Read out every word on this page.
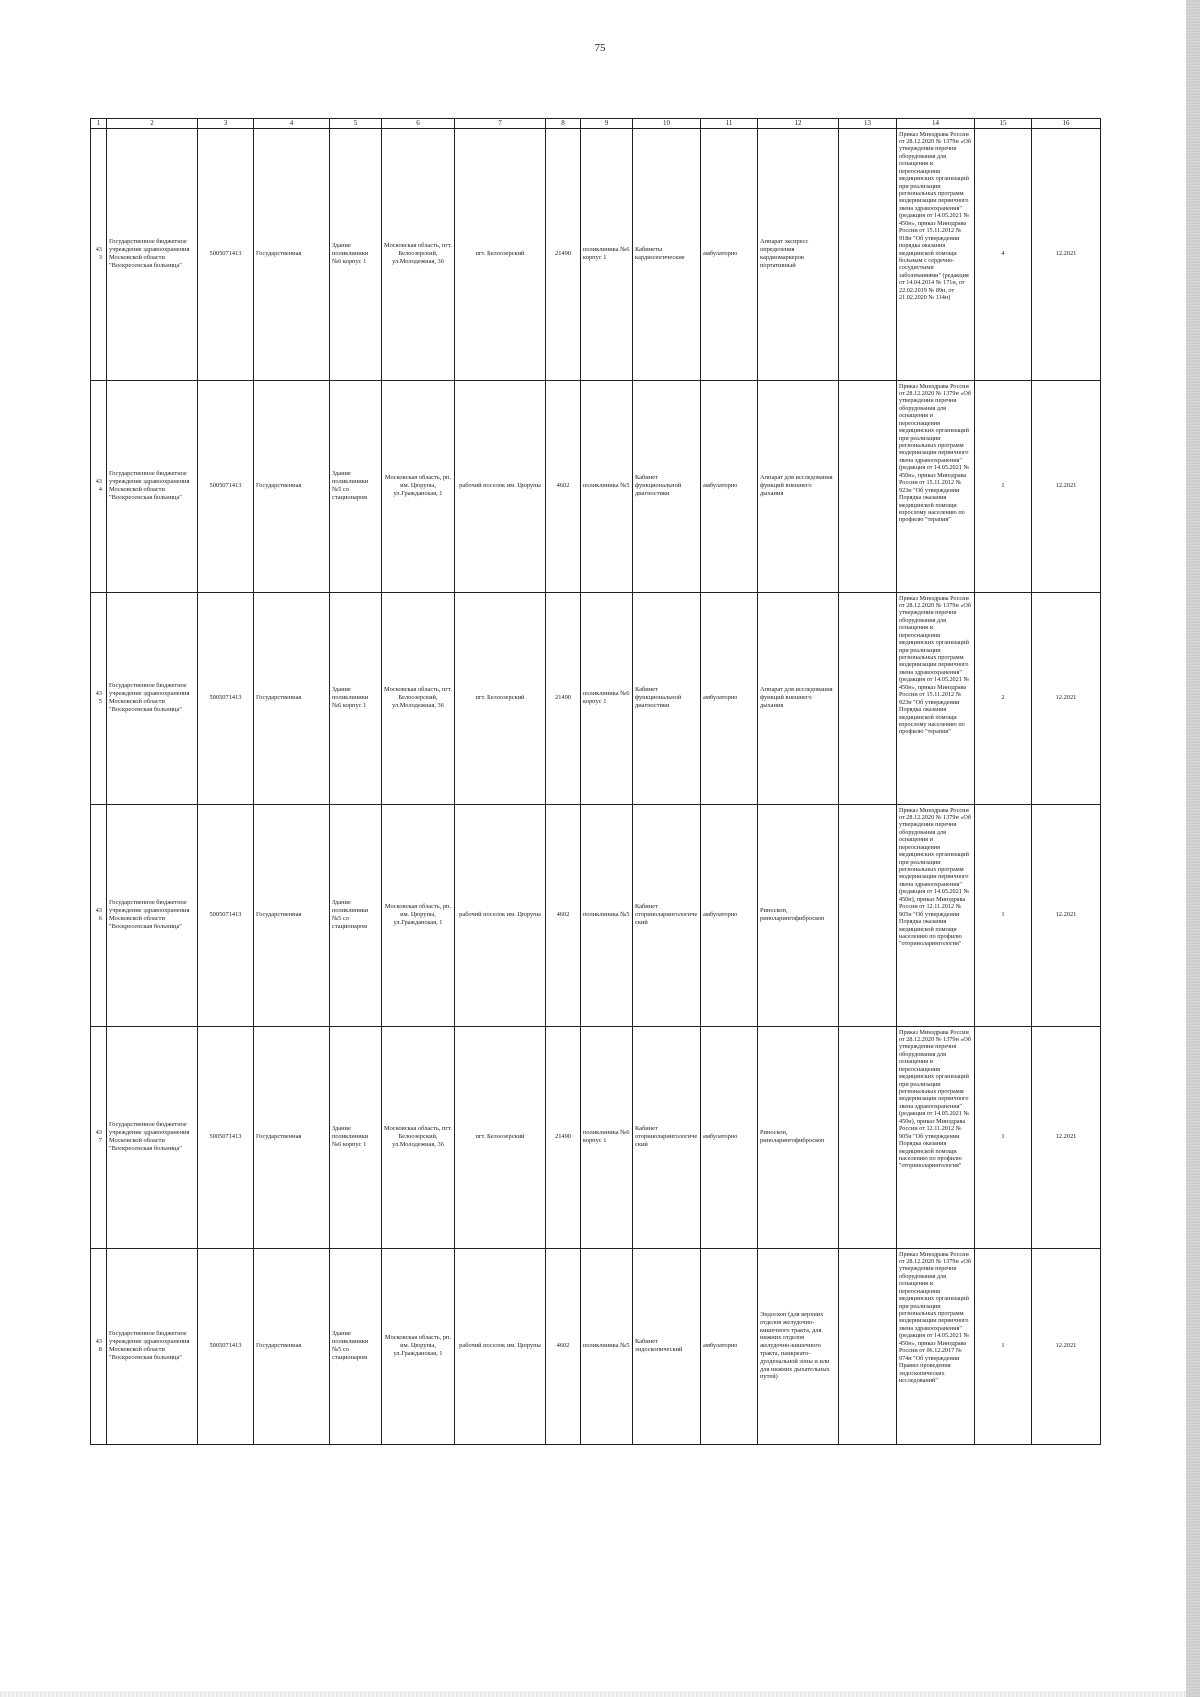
75
1	2	3	4	5	6	7	8	9	10	11	12	13	14	15	16
433	Государственное бюджетное учреждение здравоохранения Московской области "Воскресенская больница"	5005071413	Государственная	Здание поликлиники №6 корпус 1	Московская область, пгт. Белоозерский, ул.Молодежная, 36	пгт. Белоозерский	21490	поликлиника №6 корпус 1	Кабинеты кардиологические	амбулаторно	Аппарат экспресс определения кардиомаркеров портативный		Приказ Минздрава России от 28.12.2020 № 1379н «Об утверждении перечня оборудования для оснащения и переоснащения медицинских организаций при реализации региональных программ модернизации первичного звена здравоохранения"(редакция от 14.05.2021 № 450н», приказ Минздрава России от 15.11.2012 № 918н "Об утверждении порядка оказания медицинской помощи больным с сердечно-сосудистыми заболеваниями" (редакция от 14.04.2014 № 171н, от 22.02.2019 № 89н, от 21.02.2020 № 114н)	4	12.2021
434	Государственное бюджетное учреждение здравоохранения Московской области "Воскресенская больница"	5005071413	Государственная	Здание поликлиники №5 со стационаром	Московская область, рп. им. Цюрупы, ул.Гражданская, 1	рабочий поселок им. Цюрупы	4602	поликлиника №5	Кабинет функциональной диагностики	амбулаторно	Аппарат для исследования функций внешнего дыхания		Приказ Минздрава России от 28.12.2020 № 1379н «Об утверждении перечня оборудования для оснащения и переоснащения медицинских организаций при реализации региональных программ модернизации первичного звена здравоохранения"(редакция от 14.05.2021 № 450н», приказ Минздрава России от 15.11.2012 № 923н "Об утверждении Порядка оказания медицинской помощи взрослому населению по профилю "терапия"	1	12.2021
435	Государственное бюджетное учреждение здравоохранения Московской области "Воскресенская больница"	5005071413	Государственная	Здание поликлиники №6 корпус 1	Московская область, пгт. Белоозерский, ул.Молодежная, 36	пгт. Белоозерский	21490	поликлиника №6 корпус 1	Кабинет функциональной диагностики	амбулаторно	Аппарат для исследования функций внешнего дыхания		Приказ Минздрава России от 28.12.2020 № 1379н «Об утверждении перечня оборудования для оснащения и переоснащения медицинских организаций при реализации региональных программ модернизации первичного звена здравоохранения"(редакция от 14.05.2021 № 450н», приказ Минздрава России от 15.11.2012 № 923н "Об утверждении Порядка оказания медицинской помощи взрослому населению по профилю "терапия"	2	12.2021
436	Государственное бюджетное учреждение здравоохранения Московской области "Воскресенская больница"	5005071413	Государственная	Здание поликлиники №5 со стационаром	Московская область, рп. им. Цюрупы, ул.Гражданская, 1	рабочий поселок им. Цюрупы	4602	поликлиника №5	Кабинет оториноларингологический	амбулаторно	Риноскоп, риноларингофиброскоп		Приказ Минздрава России от 28.12.2020 № 1379н «Об утверждении перечня оборудования для оснащения и переоснащения медицинских организаций при реализации региональных программ модернизации первичного звена здравоохранения"(редакция от 14.05.2021 № 450н), приказ Минздрава России от 12.11.2012 № 905н "Об утверждении Порядка оказания медицинской помощи населению по профилю "оториноларингология"	1	12.2021
437	Государственное бюджетное учреждение здравоохранения Московской области "Воскресенская больница"	5005071413	Государственная	Здание поликлиники №6 корпус 1	Московская область, пгт. Белоозерский, ул.Молодежная, 36	пгт. Белоозерский	21490	поликлиника №6 корпус 1	Кабинет оториноларингологический	амбулаторно	Риноскоп, риноларингофиброскоп		Приказ Минздрава России от 28.12.2020 № 1379н «Об утверждении перечня оборудования для оснащения и переоснащения медицинских организаций при реализации региональных программ модернизации первичного звена здравоохранения"(редакция от 14.05.2021 № 450н), приказ Минздрава России от 12.11.2012 № 905н "Об утверждении Порядка оказания медицинской помощи населению по профилю "оториноларингология"	1	12.2021
438	Государственное бюджетное учреждение здравоохранения Московской области "Воскресенская больница"	5005071413	Государственная	Здание поликлиники №5 со стационаром	Московская область, рп. им. Цюрупы, ул.Гражданская, 1	рабочий поселок им. Цюрупы	4602	поликлиника №5	Кабинет эндоскопический	амбулаторно	Эндоскоп (для верхних отделов желудочно-кишечного тракта, для нижних отделов желудочно-кишечного тракта, панкреато-дуоденальной зоны и или для нижних дыхательных путей)		Приказ Минздрава России от 28.12.2020 № 1379н «Об утверждении перечня оборудования для оснащения и переоснащения медицинских организаций при реализации региональных программ модернизации первичного звена здравоохранения"(редакция от 14.05.2021 № 450н», приказ Минздрава России от 06.12.2017 № 974н "Об утверждении Правил проведения эндоскопических исследований"	1	12.2021
